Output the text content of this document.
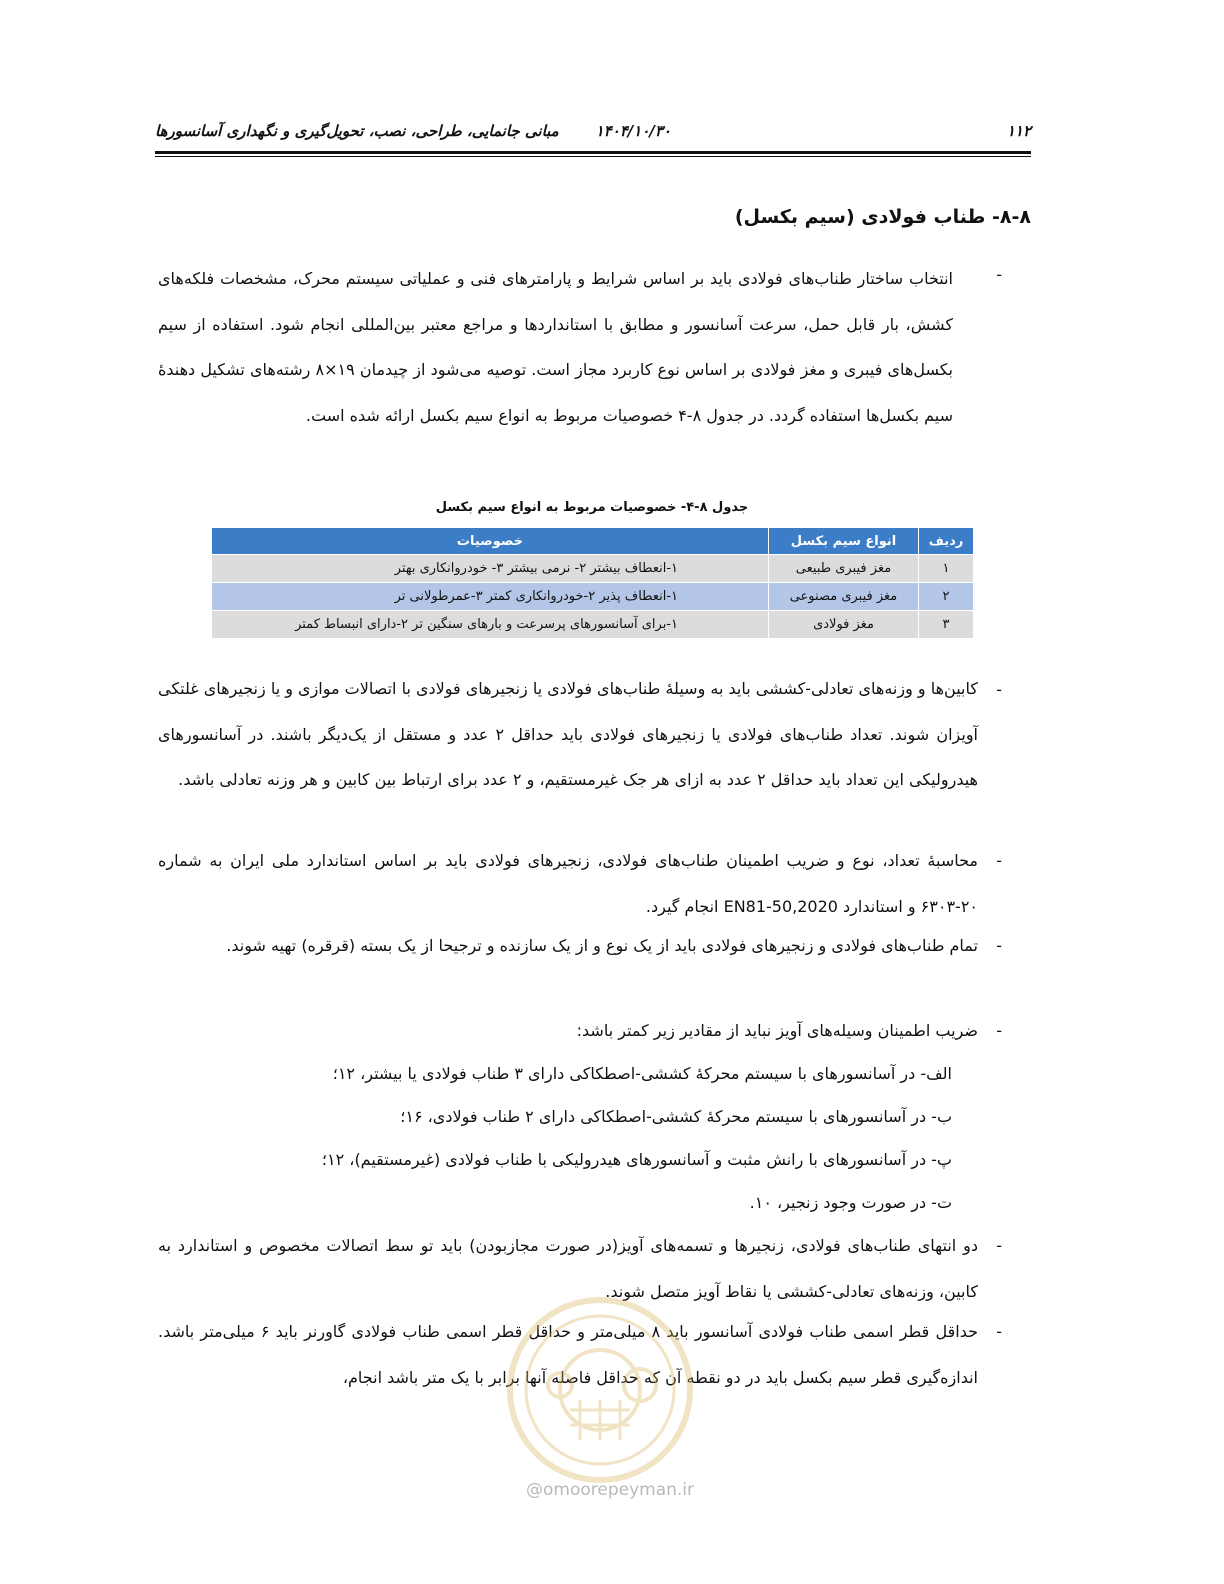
۱۱۲
۱۴۰۴/۱۰/۳۰
مبانی جانمایی، طراحی، نصب، تحویل‌گیری و نگهداری آسانسورها
۸-۸- طناب فولادی (سیم بکسل)
-
انتخاب ساختار طناب‌های فولادی باید بر اساس شرایط و پارامترهای فنی و عملیاتی سیستم محرک، مشخصات فلکه‌های کشش، بار قابل حمل، سرعت آسانسور و مطابق با استانداردها و مراجع معتبر بین‌المللی انجام شود. استفاده از سیم بکسل‌های فیبری و مغز فولادی بر اساس نوع کاربرد مجاز است. توصیه می‌شود از چیدمان ۱۹×۸ رشته‌های تشکیل دهندهٔ سیم بکسل‌ها استفاده گردد. در جدول ۸-۴ خصوصیات مربوط به انواع سیم بکسل ارائه شده است.
جدول ۸-۴- خصوصیات مربوط به انواع سیم بکسل
ردیف	انواع سیم بکسل	خصوصیات
۱	مغز فیبری طبیعی	۱-انعطاف بیشتر ۲- نرمی بیشتر ۳- خودروانکاری بهتر
۲	مغز فیبری مصنوعی	۱-انعطاف پذیر ۲-خودروانکاری کمتر ۳-عمرطولانی تر
۳	مغز فولادی	۱-برای آسانسورهای پرسرعت و بارهای سنگین تر ۲-دارای انبساط کمتر
-
کابین‌ها و وزنه‌های تعادلی-کششی باید به وسیلهٔ طناب‌های فولادی یا زنجیرهای فولادی با اتصالات موازی و یا زنجیرهای غلتکی آویزان شوند. تعداد طناب‌های فولادی یا زنجیرهای فولادی باید حداقل ۲ عدد و مستقل از یک‌دیگر باشند. در آسانسورهای هیدرولیکی این تعداد باید حداقل ۲ عدد به ازای هر جک غیرمستقیم، و ۲ عدد برای ارتباط بین کابین و هر وزنه تعادلی باشد.
-
محاسبهٔ تعداد، نوع و ضریب اطمینان طناب‌های فولادی، زنجیرهای فولادی باید بر اساس استاندارد ملی ایران به شماره ۲۰-۶۳۰۳ و استاندارد EN81-50,2020 انجام گیرد.
-
تمام طناب‌های فولادی و زنجیرهای فولادی باید از یک نوع و از یک سازنده و ترجیحا از یک بسته (قرقره) تهیه شوند.
-
ضریب اطمینان وسیله‌های آویز نباید از مقادیر زیر کمتر باشد:
الف- در آسانسورهای با سیستم محرکهٔ کششی-اصطکاکی دارای ۳ طناب فولادی یا بیشتر، ۱۲؛
ب- در آسانسورهای با سیستم محرکهٔ کششی-اصطکاکی دارای ۲ طناب فولادی، ۱۶؛
پ- در آسانسورهای با رانش مثبت و آسانسورهای هیدرولیکی با طناب فولادی (غیرمستقیم)، ۱۲؛
ت- در صورت وجود زنجیر، ۱۰.
-
دو انتهای طناب‌های فولادی، زنجیرها و تسمه‌های آویز(در صورت مجازبودن) باید تو سط اتصالات مخصوص و استاندارد به کابین، وزنه‌های تعادلی-کششی یا نقاط آویز متصل شوند.
-
حداقل قطر اسمی طناب فولادی آسانسور باید ۸ میلی‌متر و حداقل قطر اسمی طناب فولادی گاورنر باید ۶ میلی‌متر باشد. اندازه‌گیری قطر سیم بکسل باید در دو نقطه آن که حداقل فاصله آنها برابر با یک متر باشد انجام،
@omoorepeyman.ir
